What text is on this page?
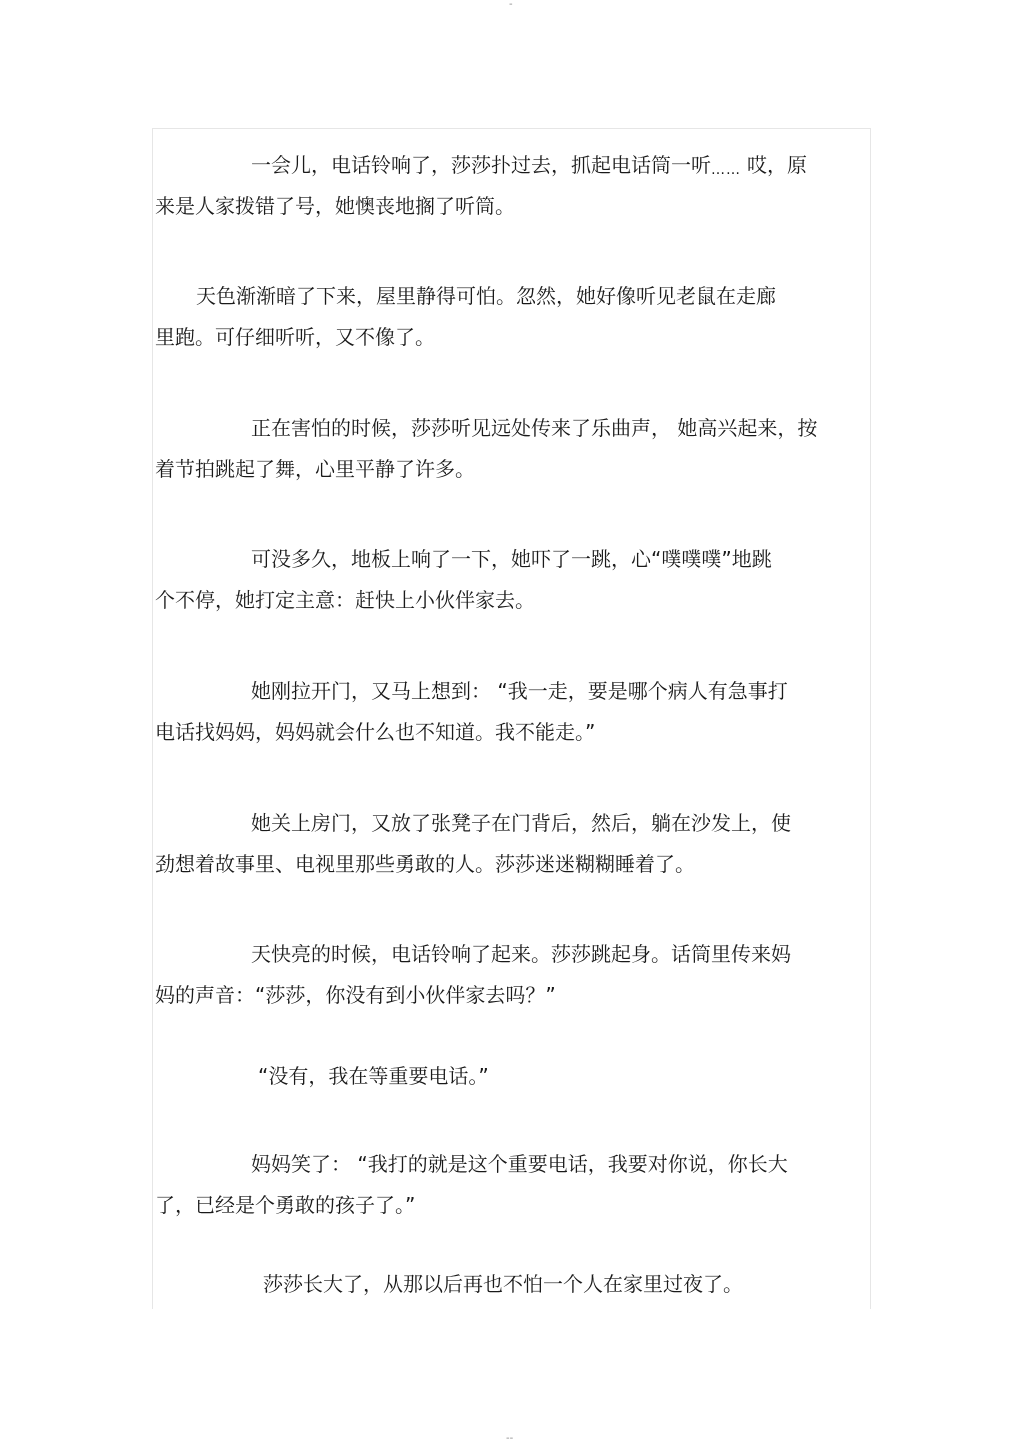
-

一会儿，电话铃响了，莎莎扑过去，抓起电话筒一听 …… 哎，原
来是人家拨错了号，她懊丧地搁了听筒。

天色渐渐暗了下来，屋里静得可怕。忽然，她好像听见老鼠在走廊
里跑。可仔细听听，又不像了。

正在害怕的时候，莎莎听见远处传来了乐曲声， 她高兴起来，按
着节拍跳起了舞，心里平静了许多。

可没多久，地板上响了一下，她吓了一跳，心“噗噗噗”地跳
个不停，她打定主意：赶快上小伙伴家去。

她刚拉开门，又马上想到： “我一走，要是哪个病人有急事打
电话找妈妈，妈妈就会什么也不知道。我不能走。”

她关上房门，又放了张凳子在门背后，然后，躺在沙发上，使
劲想着故事里、电视里那些勇敢的人。莎莎迷迷糊糊睡着了。

天快亮的时候，电话铃响了起来。莎莎跳起身。话筒里传来妈
妈的声音：“莎莎，你没有到小伙伴家去吗？”

“没有，我在等重要电话。”

妈妈笑了： “我打的就是这个重要电话，我要对你说，你长大
了，已经是个勇敢的孩子了。”

莎莎长大了，从那以后再也不怕一个人在家里过夜了。

--
